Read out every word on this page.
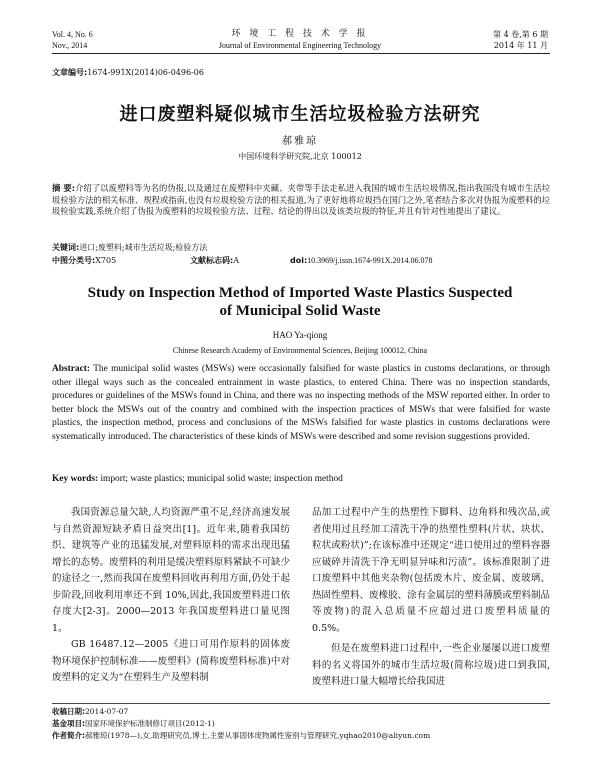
Vol. 4, No. 6
Nov., 2014
环 境 工 程 技 术 学 报
Journal of Environmental Engineering Technology
第 4 卷,第 6 期
2014 年 11 月
文章编号:1674-991X(2014)06-0496-06
进口废塑料疑似城市生活垃圾检验方法研究
郝雅琼
中国环境科学研究院,北京 100012
摘 要:介绍了以废塑料等为名的伪报,以及通过在废塑料中夹藏、夹带等手法走私进入我国的城市生活垃圾情况,指出我国没有城市生活垃圾检验方法的相关标准、规程或指南,也没有垃圾检验方法的相关报道,为了更好地将垃圾挡在国门之外,笔者结合多次对伪报为废塑料的垃圾检验实践,系统介绍了伪报为废塑料的垃圾检验方法、过程、结论的得出以及该类垃圾的特征,并且有针对性地提出了建议。
关键词:进口;废塑料;城市生活垃圾;检验方法
中图分类号:X705	文献标志码:A	doi:10.3969/j.issn.1674-991X.2014.06.078
Study on Inspection Method of Imported Waste Plastics Suspected
of Municipal Solid Waste
HAO Ya-qiong
Chinese Research Academy of Environmental Sciences, Beijing 100012, China
Abstract: The municipal solid wastes (MSWs) were occasionally falsified for waste plastics in customs declarations, or through other illegal ways such as the concealed entrainment in waste plastics, to entered China. There was no inspection standards, procedures or guidelines of the MSWs found in China, and there was no inspecting methods of the MSW reported either. In order to better block the MSWs out of the country and combined with the inspection practices of MSWs that were falsified for waste plastics, the inspection method, process and conclusions of the MSWs falsified for waste plastics in customs declarations were systematically introduced. The characteristics of these kinds of MSWs were described and some revision suggestions provided.
Key words: import; waste plastics; municipal solid waste; inspection method
我国资源总量欠缺,人均资源严重不足,经济高速发展与自然资源短缺矛盾日益突出[1]。近年来,随着我国纺织、建筑等产业的迅猛发展,对塑料原料的需求出现迅猛增长的态势。废塑料的利用是缓决塑料原料紧缺不可缺少的途径之一,然而我国在废塑料回收再利用方面,仍处于起步阶段,回收利用率还不到 10%,因此,我国废塑料进口依存度大[2-3]。2000—2013 年我国废塑料进口量见图 1。
GB 16487.12—2005《进口可用作原料的固体废物环境保护控制标准——废塑料》(简称废塑料标准)中对废塑料的定义为“在塑料生产及塑料制
品加工过程中产生的热塑性下脚料、边角料和残次品,或者使用过且经加工清洗干净的热塑性塑料(片状、块状、粒状或粉状)”;在该标准中还规定“进口使用过的塑料容器应破碎并清洗干净无明显异味和污渍”。该标准限制了进口废塑料中其他夹杂物(包括废木片、废金属、废玻璃、热固性塑料、废橡胶、涂有金属层的塑料薄膜或塑料制品等废物)的混入总质量不应超过进口废塑料质量的 0.5%。
但是在废塑料进口过程中,一些企业屡屡以进口废塑料的名义将国外的城市生活垃圾(简称垃圾)进口到我国,废塑料进口量大幅增长给我国进
收稿日期:2014-07-07
基金项目:国家环境保护标准制修订项目(2012-1)
作者简介:郝雅琼(1978—),女,助理研究员,博士,主要从事固体废物属性鉴别与管理研究,yqhao2010@aliyun.com
